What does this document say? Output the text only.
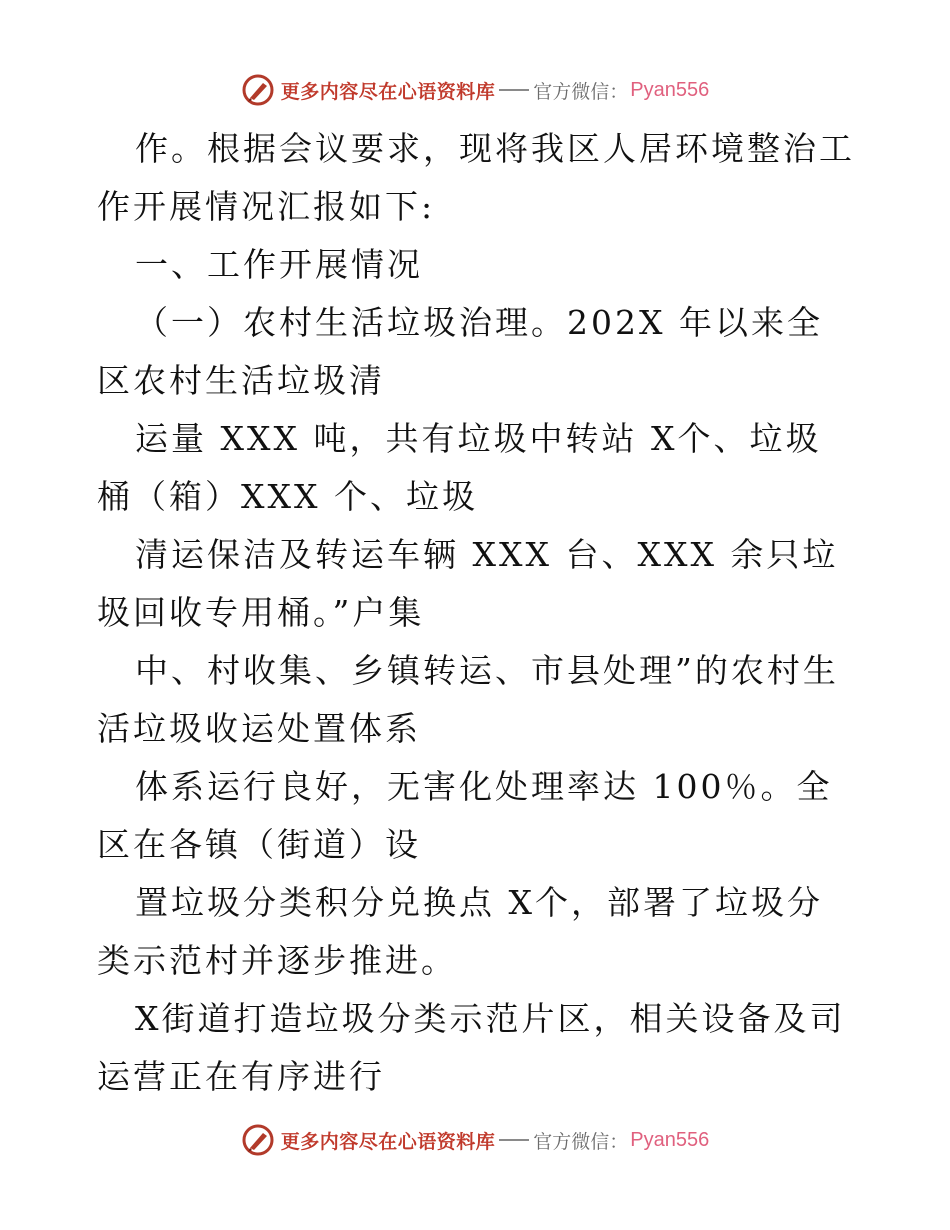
更多内容尽在心语资料库 官方微信： Pyan556

作。根据会议要求，现将我区人居环境整治工作开展情况汇报如下:

一、工作开展情况

（一）农村生活垃圾治理。202X 年以来全区农村生活垃圾清

运量 XXX 吨，共有垃圾中转站 X个、垃圾桶（箱）XXX 个、垃圾

清运保洁及转运车辆 XXX 台、XXX 余只垃圾回收专用桶。”户集

中、村收集、乡镇转运、市县处理”的农村生活垃圾收运处置体系

体系运行良好，无害化处理率达 100％。全区在各镇（街道）设

置垃圾分类积分兑换点 X个，部署了垃圾分类示范村并逐步推进。

X街道打造垃圾分类示范片区，相关设备及司运营正在有序进行

更多内容尽在心语资料库 官方微信： Pyan556
